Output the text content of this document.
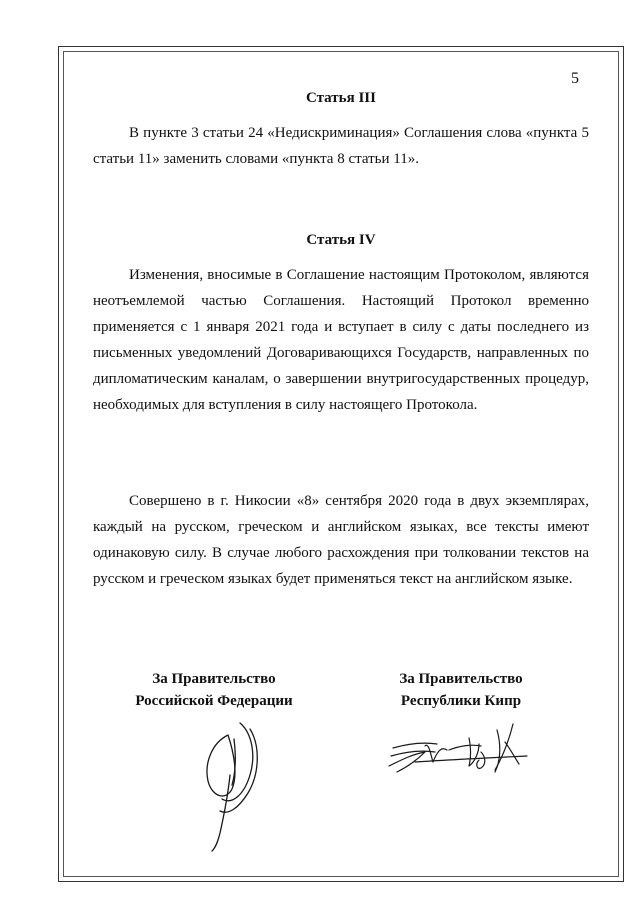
5
Статья III

В пункте 3 статьи 24 «Недискриминация» Соглашения слова «пункта 5 статьи 11» заменить словами «пункта 8 статьи 11».

Статья IV

Изменения, вносимые в Соглашение настоящим Протоколом, являются неотъемлемой частью Соглашения. Настоящий Протокол временно применяется с 1 января 2021 года и вступает в силу с даты последнего из письменных уведомлений Договаривающихся Государств, направленных по дипломатическим каналам, о завершении внутригосударственных процедур, необходимых для вступления в силу настоящего Протокола.

Совершено в г. Никосии «8» сентября 2020 года в двух экземплярах, каждый на русском, греческом и английском языках, все тексты имеют одинаковую силу. В случае любого расхождения при толковании текстов на русском и греческом языках будет применяться текст на английском языке.

За Правительство
Российской Федерации
За Правительство
Республики Кипр
